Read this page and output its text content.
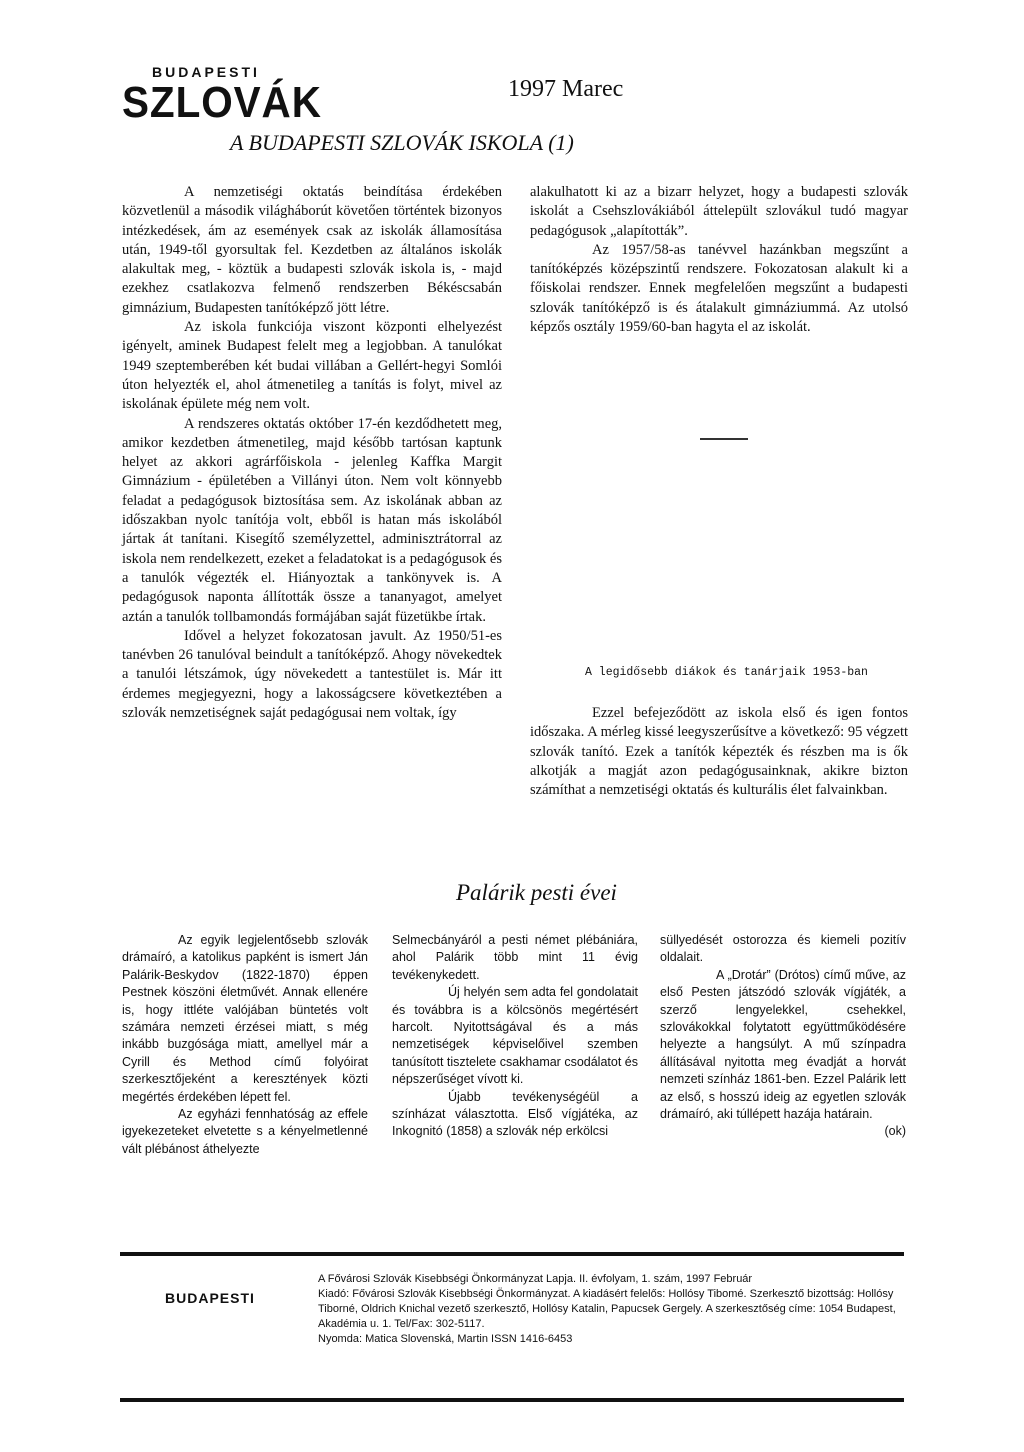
BUDAPESTI
SZLOVÁK	1997 Marec
A BUDAPESTI SZLOVÁK ISKOLA (1)

A nemzetiségi oktatás beindítása érdekében közvetlenül a második világháborút követően történtek bizonyos intézkedések, ám az események csak az iskolák államosítása után, 1949-től gyorsultak fel. Kezdetben az általános iskolák alakultak meg, - köztük a budapesti szlovák iskola is, - majd ezekhez csatlakozva felmenő rendszerben Békéscsabán gimnázium, Budapesten tanítóképző jött létre.

Az iskola funkciója viszont központi elhelyezést igényelt, aminek Budapest felelt meg a legjobban. A tanulókat 1949 szeptemberében két budai villában a Gellért-hegyi Somlói úton helyezték el, ahol átmenetileg a tanítás is folyt, mivel az iskolának épülete még nem volt.

A rendszeres oktatás október 17-én kezdődhetett meg, amikor kezdetben átmenetileg, majd később tartósan kaptunk helyet az akkori agrárfőiskola - jelenleg Kaffka Margit Gimnázium - épületében a Villányi úton. Nem volt könnyebb feladat a pedagógusok biztosítása sem. Az iskolának abban az időszakban nyolc tanítója volt, ebből is hatan más iskolából jártak át tanítani. Kisegítő személyzettel, adminisztrátorral az iskola nem rendelkezett, ezeket a feladatokat is a pedagógusok és a tanulók végezték el. Hiányoztak a tankönyvek is. A pedagógusok naponta állították össze a tananyagot, amelyet aztán a tanulók tollbamondás formájában saját füzetükbe írtak.

Idővel a helyzet fokozatosan javult. Az 1950/51-es tanévben 26 tanulóval beindult a tanítóképző. Ahogy növekedtek a tanulói létszámok, úgy növekedett a tantestület is. Már itt érdemes megjegyezni, hogy a lakosságcsere következtében a szlovák nemzetiségnek saját pedagógusai nem voltak, így

alakulhatott ki az a bizarr helyzet, hogy a budapesti szlovák iskolát a Csehszlovákiából áttelepült szlovákul tudó magyar pedagógusok „alapították”.

Az 1957/58-as tanévvel hazánkban megszűnt a tanítóképzés középszintű rendszere. Fokozatosan alakult ki a főiskolai rendszer. Ennek megfelelően megszűnt a budapesti szlovák tanítóképző is és átalakult gimnáziummá. Az utolsó képzős osztály 1959/60-ban hagyta el az iskolát.

A legidősebb diákok és tanárjaik 1953-ban

Ezzel befejeződött az iskola első és igen fontos időszaka. A mérleg kissé leegyszerűsítve a következő: 95 végzett szlovák tanító. Ezek a tanítók képezték és részben ma is ők alkotják a magját azon pedagógusainknak, akikre bizton számíthat a nemzetiségi oktatás és kulturális élet falvainkban.

Palárik pesti évei

Az egyik legjelentősebb szlovák drámaíró, a katolikus papként is ismert Ján Palárik-Beskydov (1822-1870) éppen Pestnek köszöni életművét. Annak ellenére is, hogy ittléte valójában büntetés volt számára nemzeti érzései miatt, s még inkább buzgósága miatt, amellyel már a Cyrill és Method című folyóirat szerkesztőjeként a keresztények közti megértés érdekében lépett fel.

Az egyházi fennhatóság az effele igyekezeteket elvetette s a kényelmetlenné vált plébánost áthelyezte

Selmecbányáról a pesti német plébániára, ahol Palárik több mint 11 évig tevékenykedett.

Új helyén sem adta fel gondolatait és továbbra is a kölcsönös megértésért harcolt. Nyitottságával és a más nemzetiségek képviselőivel szemben tanúsított tiszteletе csakhamar csodálatot és népszerűséget vívott ki.

Újabb tevékenységéül a színházat választotta. Első vígjátéka, az Inkognitó (1858) a szlovák nép erkölcsi

süllyedését ostorozza és kiemeli pozitív oldalait.

A „Drotár” (Drótos) című műve, az első Pesten játszódó szlovák vígjáték, a szerző lengyelekkel, csehekkel, szlovákokkal folytatott együttműködésére helyezte a hangsúlyt. A mű színpadra állításával nyitotta meg évadját a horvát nemzeti színház 1861-ben. Ezzel Palárik lett az első, s hosszú ideig az egyetlen szlovák drámaíró, aki túllépett hazája határain.

(ok)

BUDAPESTI
A Fővárosi Szlovák Kisebbségi Önkormányzat Lapja. II. évfolyam, 1. szám, 1997 Február
Kiadó: Fővárosi Szlovák Kisebbségi Önkormányzat. A kiadásért felelős: Hollósy Tibomé. Szerkesztő bizottság: Hollósy Tiborné, Oldrich Knichal vezető szerkesztő, Hollósy Katalin, Papucsek Gergely. A szerkesztőség címe: 1054 Budapest, Akadémia u. 1. Tel/Fax: 302-5117.
Nyomda: Matica Slovenská, Martin ISSN 1416-6453
